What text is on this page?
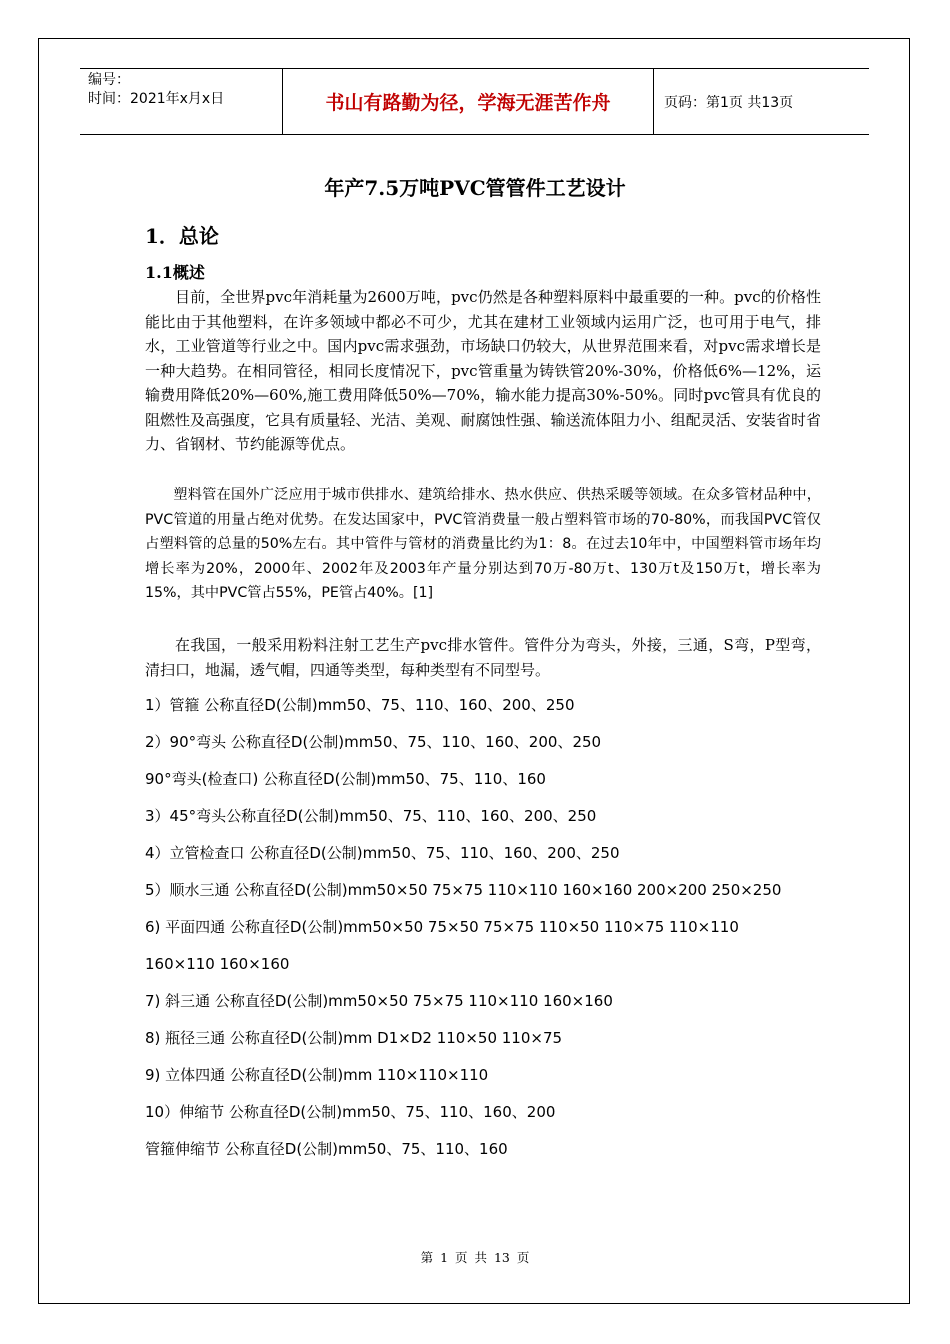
编号：
时间：2021年x月x日	书山有路勤为径，学海无涯苦作舟	页码：第1页 共13页
年产7.5万吨PVC管管件工艺设计
1．总论
1.1概述
目前，全世界pvc年消耗量为2600万吨，pvc仍然是各种塑料原料中最重要的一种。pvc的价格性能比由于其他塑料，在许多领域中都必不可少，尤其在建材工业领域内运用广泛，也可用于电气，排水，工业管道等行业之中。国内pvc需求强劲，市场缺口仍较大，从世界范围来看，对pvc需求增长是一种大趋势。在相同管径，相同长度情况下，pvc管重量为铸铁管20%-30%，价格低6%—12%，运输费用降低20%—60%,施工费用降低50%—70%，输水能力提高30%-50%。同时pvc管具有优良的阻燃性及高强度，它具有质量轻、光洁、美观、耐腐蚀性强、输送流体阻力小、组配灵活、安装省时省力、省钢材、节约能源等优点。
塑料管在国外广泛应用于城市供排水、建筑给排水、热水供应、供热采暖等领域。在众多管材品种中，PVC管道的用量占绝对优势。在发达国家中，PVC管消费量一般占塑料管市场的70-80%，而我国PVC管仅占塑料管的总量的50%左右。其中管件与管材的消费量比约为1：8。在过去10年中，中国塑料管市场年均增长率为20%，2000年、2002年及2003年产量分别达到70万-80万t、130万t及150万t，增长率为15%，其中PVC管占55%，PE管占40%。[1]
在我国，一般采用粉料注射工艺生产pvc排水管件。管件分为弯头，外接，三通，S弯，P型弯，清扫口，地漏，透气帽，四通等类型，每种类型有不同型号。
1）管箍 公称直径D(公制)mm50、75、110、160、200、250
2）90°弯头 公称直径D(公制)mm50、75、110、160、200、250
90°弯头(检查口) 公称直径D(公制)mm50、75、110、160
3）45°弯头公称直径D(公制)mm50、75、110、160、200、250
4）立管检查口 公称直径D(公制)mm50、75、110、160、200、250
5）顺水三通 公称直径D(公制)mm50×50 75×75 110×110 160×160 200×200 250×250
6) 平面四通 公称直径D(公制)mm50×50 75×50 75×75 110×50 110×75 110×110
160×110 160×160
7) 斜三通 公称直径D(公制)mm50×50 75×75 110×110 160×160
8) 瓶径三通 公称直径D(公制)mm D1×D2 110×50 110×75
9) 立体四通 公称直径D(公制)mm 110×110×110
10）伸缩节 公称直径D(公制)mm50、75、110、160、200
管箍伸缩节 公称直径D(公制)mm50、75、110、160
第 1 页 共 13 页
